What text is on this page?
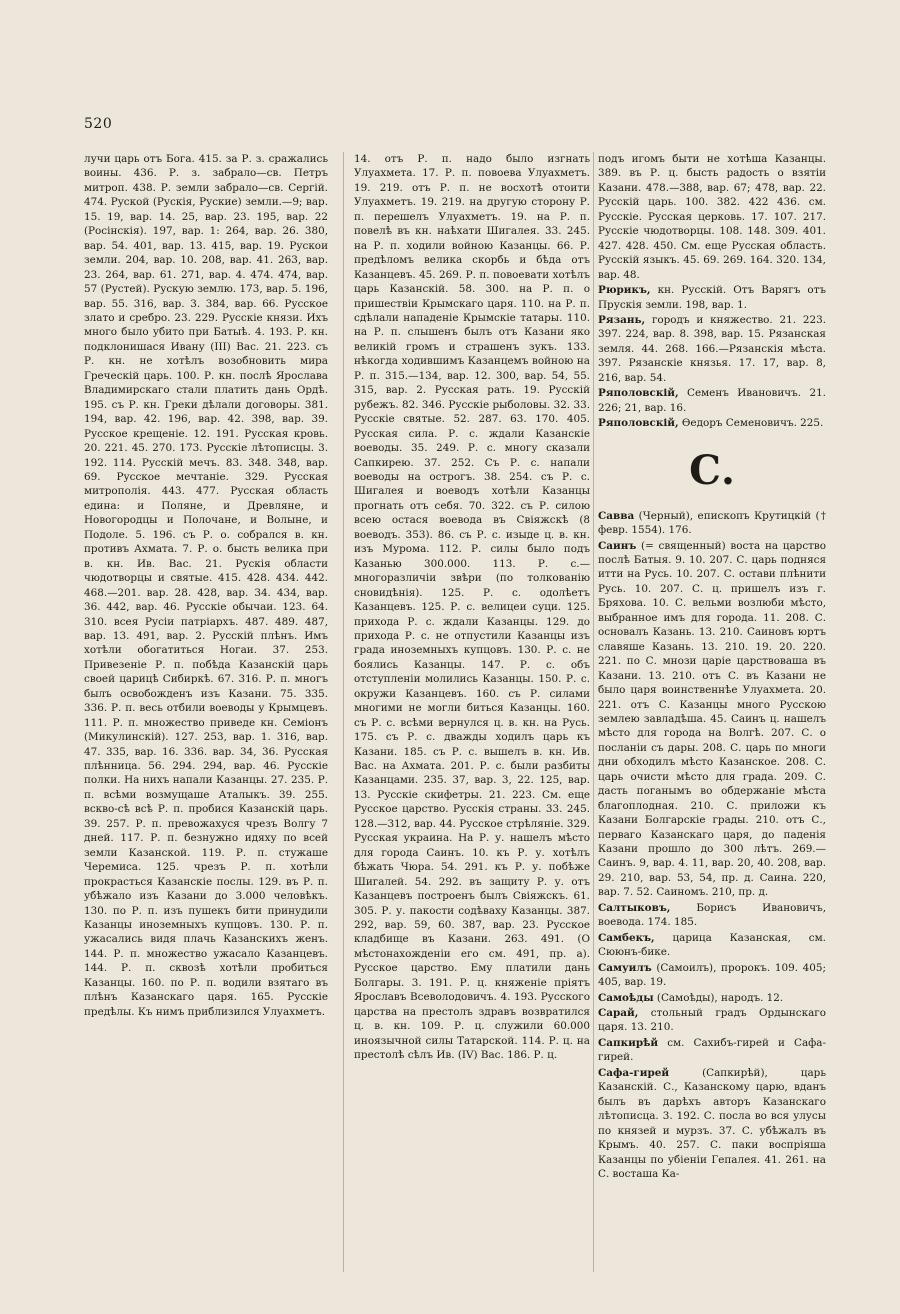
520

лучи царь отъ Бога. 415. за Р. з. сражались воины. 436. Р. з. забрало—св. Петръ митроп. 438. Р. земли забрало—св. Сергій. 474. Руской (Рускія, Руские) земли.—9; вар. 15. 19, вар. 14. 25, вар. 23. 195, вар. 22 (Росінскія). 197, вар. 1: 264, вар. 26. 380, вар. 54. 401, вар. 13. 415, вар. 19. Рускои земли. 204, вар. 10. 208, вар. 41. 263, вар. 23. 264, вар. 61. 271, вар. 4. 474. 474, вар. 57 (Рустей). Рускую землю. 173, вар. 5. 196, вар. 55. 316, вар. 3. 384, вар. 66. Русское злато и сребро. 23. 229. Русскіе князи. Ихъ много было убито при Батыѣ. 4. 193. Р. кн. подклонишася Ивану (III) Вас. 21. 223. съ Р. кн. не хотѣлъ возобновить мира Греческій царь. 100. Р. кн. послѣ Ярослава Владимирскаго стали платить дань Ордѣ. 195. съ Р. кн. Греки дѣлали договоры. 381. 194, вар. 42. 196, вар. 42. 398, вар. 39. Русское крещеніе. 12. 191. Русская кровь. 20. 221. 45. 270. 173. Русскіе лѣтописцы. 3. 192. 114. Русскій мечъ. 83. 348. 348, вар. 69. Русское мечтаніе. 329. Русская митрополія. 443. 477. Русская область едина: и Поляне, и Древляне, и Новогородцы и Полочане, и Волыне, и Подоле. 5. 196. съ Р. о. собрался в. кн. противъ Ахмата. 7. Р. о. бысть велика при в. кн. Ив. Вас. 21. Рускія области чюдотворцы и святые. 415. 428. 434. 442. 468.—201. вар. 28. 428, вар. 34. 434, вар. 36. 442, вар. 46. Русскіе обычаи. 123. 64. 310. всея Русіи патріархъ. 487. 489. 487, вар. 13. 491, вар. 2. Русскій плѣнъ. Имъ хотѣли обогатиться Ногаи. 37. 253. Привезеніе Р. п. побѣда Казанскій царь своей царицѣ Сибиркѣ. 67. 316. Р. п. многъ былъ освобожденъ изъ Казани. 75. 335. 336. Р. п. весь отбили воеводы у Крымцевъ. 111. Р. п. множество приведе кн. Семіонъ (Микулинскій). 127. 253, вар. 1. 316, вар. 47. 335, вар. 16. 336. вар. 34, 36. Русская плѣнница. 56. 294. 294, вар. 46. Русскіе полки. На нихъ напали Казанцы. 27. 235. Р. п. всѣми возмущаше Аталыкъ. 39. 255. вскво-сѣ всѣ Р. п. пробися Казанскій царь. 39. 257. Р. п. превожахуся чрезъ Волгу 7 дней. 117. Р. п. безнужно идяху по всей земли Казанской. 119. Р. п. стужаше Черемиса. 125. чрезъ Р. п. хотѣли прокрасться Казанскіе послы. 129. въ Р. п. убѣжало изъ Казани до 3.000 человѣкъ. 130. по Р. п. изъ пушекъ бити принудили Казанцы иноземныхъ купцовъ. 130. Р. п. ужасались видя плачь Казанскихъ женъ. 144. Р. п. множество ужасало Казанцевъ. 144. Р. п. сквозѣ хотѣли пробиться Казанцы. 160. по Р. п. водили взятаго въ плѣнъ Казанскаго царя. 165. Русскіе предѣлы. Къ нимъ приблизился Улуахметъ.

14. отъ Р. п. надо было изгнать Улуахмета. 17. Р. п. повоева Улуахметъ. 19. 219. отъ Р. п. не восхотѣ отоити Улуахметъ. 19. 219. на другую сторону Р. п. перешелъ Улуахметъ. 19. на Р. п. повелѣ въ кн. наѣхати Шигалея. 33. 245. на Р. п. ходили войною Казанцы. 66. Р. предѣломъ велика скорбь и бѣда отъ Казанцевъ. 45. 269. Р. п. повоевати хотѣлъ царь Казанскій. 58. 300. на Р. п. о пришествіи Крымскаго царя. 110. на Р. п. сдѣлали нападеніе Крымскіе татары. 110. на Р. п. слышенъ былъ отъ Казани яко великій громъ и страшенъ зукъ. 133. нѣкогда ходившимъ Казанцемъ войною на Р. п. 315.—134, вар. 12. 300, вар. 54, 55. 315, вар. 2. Русская рать. 19. Русскій рубежъ. 82. 346. Русскіе рыболовы. 32. 33. Русскіе святые. 52. 287. 63. 170. 405. Русская сила. Р. с. ждали Казанскіе воеводы. 35. 249. Р. с. многу сказали Сапкирею. 37. 252. Съ Р. с. напали воеводы на острогъ. 38. 254. съ Р. с. Шигалея и воеводъ хотѣли Казанцы прогнать отъ себя. 70. 322. съ Р. силою всею остася воевода въ Свіяжскѣ (8 воеводъ. 353). 86. съ Р. с. изыде ц. в. кн. изъ Мурома. 112. Р. силы было подъ Казанью 300.000. 113. Р. с.—многоразличіи звѣри (по толкованію сновидѣнія). 125. Р. с. одолѣетъ Казанцевъ. 125. Р. с. велицеи суци. 125. прихода Р. с. ждали Казанцы. 129. до прихода Р. с. не отпустили Казанцы изъ града иноземныхъ купцовъ. 130. Р. с. не боялись Казанцы. 147. Р. с. объ отступленіи молились Казанцы. 150. Р. с. окружи Казанцевъ. 160. съ Р. силами многими не могли биться Казанцы. 160. съ Р. с. всѣми вернулся ц. в. кн. на Русь. 175. съ Р. с. дважды ходилъ царь къ Казани. 185. съ Р. с. вышелъ в. кн. Ив. Вас. на Ахмата. 201. Р. с. были разбиты Казанцами. 235. 37, вар. 3, 22. 125, вар. 13. Русскіе скифетры. 21. 223. См. еще Русское царство. Русскія страны. 33. 245. 128.—312, вар. 44. Русское стрѣляніе. 329. Русская украина. На Р. у. нашелъ мѣсто для города Саинъ. 10. къ Р. у. хотѣлъ бѣжать Чюра. 54. 291. къ Р. у. побѣже Шигалей. 54. 292. въ защиту Р. у. отъ Казанцевъ построенъ былъ Свіяжскъ. 61. 305. Р. у. пакости содѣваху Казанцы. 387. 292, вар. 59, 60. 387, вар. 23. Русское кладбище въ Казани. 263. 491. (О мѣстонахожденіи его см. 491, пр. а). Русское царство. Ему платили дань Болгары. 3. 191. Р. ц. княженіе пріятъ Ярославъ Всеволодовичъ. 4. 193. Русского царства на престолъ здравъ возвратился ц. в. кн. 109. Р. ц. служили 60.000 иноязычной силы Татарской. 114. Р. ц. на престолѣ сѣлъ Ив. (IV) Вас. 186. Р. ц.

подъ игомъ быти не хотѣша Казанцы. 389. въ Р. ц. бысть радость о взятіи Казани. 478.—388, вар. 67; 478, вар. 22. Русскій царь. 100. 382. 422 436. см. Русскіе. Русская церковь. 17. 107. 217. Русскіе чюдотворцы. 108. 148. 309. 401. 427. 428. 450. См. еще Русская область. Русскій языкъ. 45. 69. 269. 164. 320. 134, вар. 48.

Рюрикъ, кн. Русскій. Отъ Варягъ отъ Прускія земли. 198, вар. 1.

Рязань, городъ и княжество. 21. 223. 397. 224, вар. 8. 398, вар. 15. Рязанская земля. 44. 268. 166.—Рязанскія мѣста. 397. Рязанскіе князья. 17. 17, вар. 8, 216, вар. 54.

Ряполовскій, Семенъ Ивановичъ. 21. 226; 21, вар. 16.

Ряполовскій, Ѳедоръ Семеновичъ. 225.

С.

Савва (Черный), епископъ Крутицкій († февр. 1554). 176.

Саинъ (= священный) воста на царство послѣ Батыя. 9. 10. 207. С. царь подняся итти на Русь. 10. 207. С. остави плѣнити Русь. 10. 207. С. ц. пришелъ изъ г. Бряхова. 10. С. вельми возлюби мѣсто, выбранное имъ для города. 11. 208. С. основалъ Казань. 13. 210. Саиновъ юртъ славяше Казань. 13. 210. 19. 20. 220. 221. по С. мнози царіе царствоваша въ Казани. 13. 210. отъ С. въ Казани не было царя воинственнѣе Улуахмета. 20. 221. отъ С. Казанцы много Русскою землею завладѣша. 45. Саинъ ц. нашелъ мѣсто для города на Волгѣ. 207. С. о посланіи съ дары. 208. С. царь по многи дни обходилъ мѣсто Казанское. 208. С. царь очисти мѣсто для града. 209. С. дасть поганымъ во обдержаніе мѣста благоплодная. 210. С. приложи къ Казани Болгарскіе грады. 210. отъ С., перваго Казанскаго царя, до паденія Казани прошло до 300 лѣтъ. 269.—Саинъ. 9, вар. 4. 11, вар. 20, 40. 208, вар. 29. 210, вар. 53, 54, пр. д. Саина. 220, вар. 7. 52. Саиномъ. 210, пр. д.

Салтыковъ, Борисъ Ивановичъ, воевода. 174. 185.

Самбекъ, царица Казанская, см. Сююнъ-бике.

Самуилъ (Самоилъ), пророкъ. 109. 405; 405, вар. 19.

Самоѣды (Самоѣды), народъ. 12.

Сарай, стольный градъ Ордынскаго царя. 13. 210.

Сапкирѣй см. Сахибъ-гирей и Сафа-гирей.

Сафа-гирей (Сапкирѣй), царь Казанскій. С., Казанскому царю, вданъ былъ въ дарѣхъ авторъ Казанскаго лѣтописца. 3. 192. С. посла во вся улусы по князей и мурзъ. 37. С. убѣжалъ въ Крымъ. 40. 257. С. паки воспріяша Казанцы по убіеніи Гепалея. 41. 261. на С. восташа Ка-
